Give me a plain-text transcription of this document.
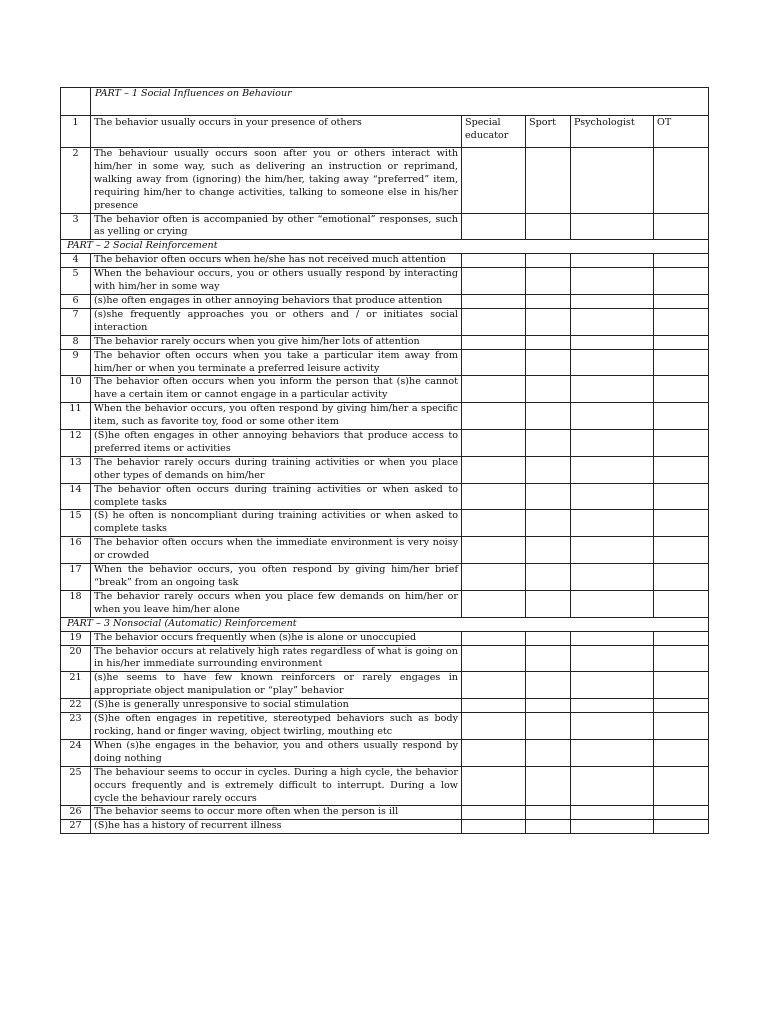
	PART – 1 Social Influences on Behaviour				
1	The behavior usually occurs in your presence of others	Special educator	Sport	Psychologist	OT
2	The behaviour usually occurs soon after you or others interact with him/her in some way, such as delivering an instruction or reprimand, walking away from (ignoring) the him/her, taking away “preferred” item, requiring him/her to change activities, talking to someone else in his/her presence				
3	The behavior often is accompanied by other “emotional” responses, such as yelling or crying				
PART – 2 Social Reinforcement					
4	The behavior often occurs when he/she has not received much attention				
5	When the behaviour occurs, you or others usually respond by interacting with him/her in some way				
6	(s)he often engages in other annoying behaviors that produce attention				
7	(s)she frequently approaches you or others and / or initiates social interaction				
8	The behavior rarely occurs when you give him/her lots of attention				
9	The behavior often occurs when you take a particular item away from him/her or when you terminate a preferred leisure activity				
10	The behavior often occurs when you inform the person that (s)he cannot have a certain item or cannot engage in a particular activity				
11	When the behavior occurs, you often respond by giving him/her a specific item, such as favorite toy, food or some other item				
12	(S)he often engages in other annoying behaviors that produce access to preferred items or activities				
13	The behavior rarely occurs during training activities or when you place other types of demands on him/her				
14	The behavior often occurs during training activities or when asked to complete tasks				
15	(S) he often is noncompliant during training activities or when asked to complete tasks				
16	The behavior often occurs when the immediate environment is very noisy or crowded				
17	When the behavior occurs, you often respond by giving him/her brief “break” from an ongoing task				
18	The behavior rarely occurs when you place few demands on him/her or when you leave him/her alone				
PART – 3 Nonsocial (Automatic) Reinforcement					
19	The behavior occurs frequently when (s)he is alone or unoccupied				
20	The behavior occurs at relatively high rates regardless of what is going on in his/her immediate surrounding environment				
21	(s)he seems to have few known reinforcers or rarely engages in appropriate object manipulation or “play” behavior				
22	(S)he is generally unresponsive to social stimulation				
23	(S)he often engages in repetitive, stereotyped behaviors such as body rocking, hand or finger waving, object twirling, mouthing etc				
24	When (s)he engages in the behavior, you and others usually respond by doing nothing				
25	The behaviour seems to occur in cycles. During a high cycle, the behavior occurs frequently and is extremely difficult to interrupt. During a low cycle the behaviour rarely occurs				
26	The behavior seems to occur more often when the person is ill				
27	(S)he has a history of recurrent illness				
